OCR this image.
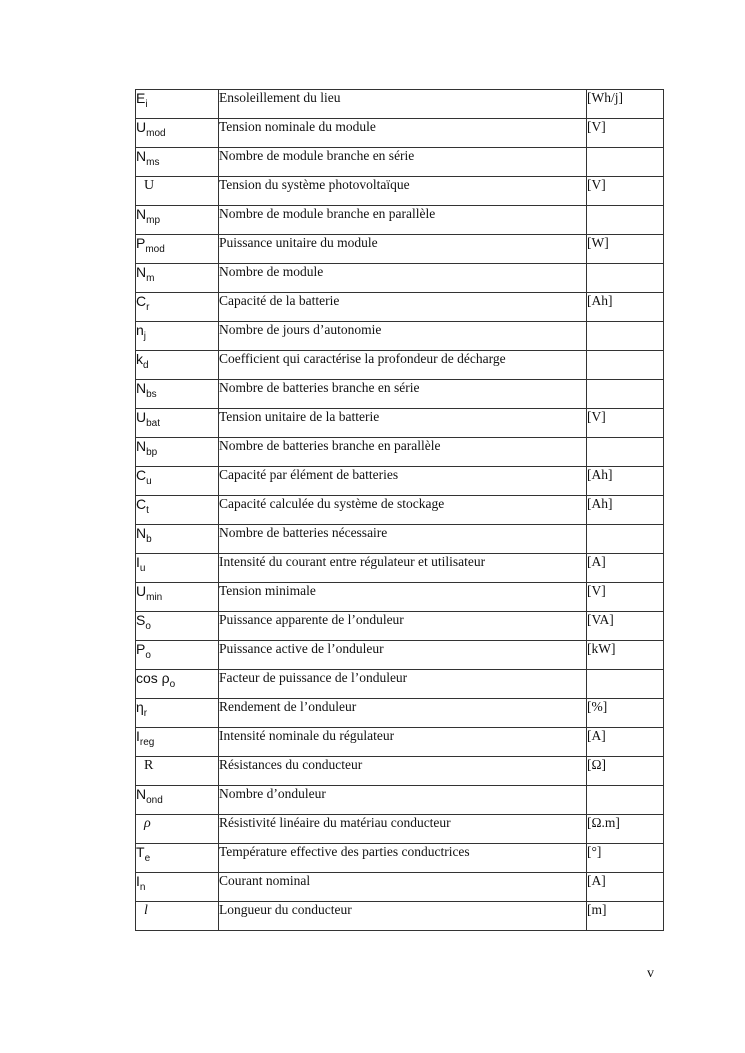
$E_i$	Ensoleillement du lieu	[Wh/j]
$U_{mod}$	Tension nominale du module	[V]
$N_{ms}$	Nombre de module branche en série	
U	Tension du système photovoltaïque	[V]
$N_{mp}$	Nombre de module branche en parallèle	
$P_{mod}$	Puissance unitaire du module	[W]
$N_m$	Nombre de module	
$C_r$	Capacité de la batterie	[Ah]
$n_j$	Nombre de jours d’autonomie	
$k_d$	Coefficient qui caractérise la profondeur de décharge	
$N_{bs}$	Nombre de batteries branche en série	
$U_{bat}$	Tension unitaire de la batterie	[V]
$N_{bp}$	Nombre de batteries branche en parallèle	
$C_u$	Capacité par élément de batteries	[Ah]
$C_t$	Capacité calculée du système de stockage	[Ah]
$N_b$	Nombre de batteries nécessaire	
$I_u$	Intensité du courant entre régulateur et utilisateur	[A]
$U_{min}$	Tension minimale	[V]
$S_o$	Puissance apparente de l’onduleur	[VA]
$P_o$	Puissance active de l’onduleur	[kW]
$\cos \rho_o$	Facteur de puissance de l’onduleur	
$\eta_r$	Rendement de l’onduleur	[%]
$I_{reg}$	Intensité nominale du régulateur	[A]
R	Résistances du conducteur	[Ω]
$N_{ond}$	Nombre d’onduleur	
ρ	Résistivité linéaire du matériau conducteur	[Ω.m]
$T_e$	Température effective des parties conductrices	[°]
$I_n$	Courant nominal	[A]
l	Longueur du conducteur	[m]
v
